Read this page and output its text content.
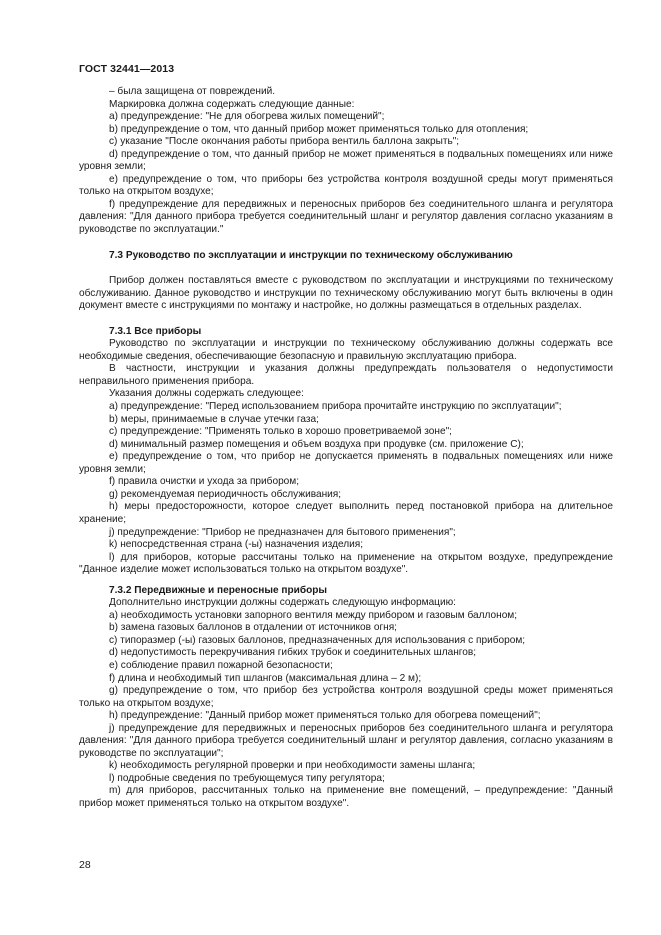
ГОСТ 32441—2013

– была защищена от повреждений.

Маркировка должна содержать следующие данные:

а) предупреждение: "Не для обогрева жилых помещений";

b) предупреждение о том, что данный прибор может применяться только для отопления;

с) указание "После окончания работы прибора вентиль баллона закрыть";

d) предупреждение о том, что данный прибор не может применяться в подвальных помещениях или ниже уровня земли;

е) предупреждение о том, что приборы без устройства контроля воздушной среды могут применяться только на открытом воздухе;

f) предупреждение для передвижных и переносных приборов без соединительного шланга и регулятора давления: "Для данного прибора требуется соединительный шланг и регулятор давления согласно указаниям в руководстве по эксплуатации."

7.3 Руководство по эксплуатации и инструкции по техническому обслуживанию

Прибор должен поставляться вместе с руководством по эксплуатации и инструкциями по техническому обслуживанию. Данное руководство и инструкции по техническому обслуживанию могут быть включены в один документ вместе с инструкциями по монтажу и настройке, но должны размещаться в отдельных разделах.

7.3.1 Все приборы

Руководство по эксплуатации и инструкции по техническому обслуживанию должны содержать все необходимые сведения, обеспечивающие безопасную и правильную эксплуатацию прибора.

В частности, инструкции и указания должны предупреждать пользователя о недопустимости неправильного применения прибора.

Указания должны содержать следующее:

а) предупреждение: "Перед использованием прибора прочитайте инструкцию по эксплуатации";

b) меры, принимаемые в случае утечки газа;

с) предупреждение: "Применять только в хорошо проветриваемой зоне";

d) минимальный размер помещения и объем воздуха при продувке (см. приложение С);

е) предупреждение о том, что прибор не допускается применять в подвальных помещениях или ниже уровня земли;

f) правила очистки и ухода за прибором;

g) рекомендуемая периодичность обслуживания;

h) меры предосторожности, которое следует выполнить перед постановкой прибора на длительное хранение;

j) предупреждение: "Прибор не предназначен для бытового применения";

k) непосредственная страна (-ы) назначения изделия;

l) для приборов, которые рассчитаны только на применение на открытом воздухе, предупреждение "Данное изделие может использоваться только на открытом воздухе".

7.3.2 Передвижные и переносные приборы

Дополнительно инструкции должны содержать следующую информацию:

а) необходимость установки запорного вентиля между прибором и газовым баллоном;

b) замена газовых баллонов в отдалении от источников огня;

с) типоразмер (-ы) газовых баллонов, предназначенных для использования с прибором;

d) недопустимость перекручивания гибких трубок и соединительных шлангов;

е) соблюдение правил пожарной безопасности;

f) длина и необходимый тип шлангов (максимальная длина – 2 м);

g) предупреждение о том, что прибор без устройства контроля воздушной среды может применяться только на открытом воздухе;

h) предупреждение: "Данный прибор может применяться только для обогрева помещений";

j) предупреждение для передвижных и переносных приборов без соединительного шланга и регулятора давления: "Для данного прибора требуется соединительный шланг и регулятор давления, согласно указаниям в руководстве по эксплуатации";

k) необходимость регулярной проверки и при необходимости замены шланга;

l) подробные сведения по требующемуся типу регулятора;

m) для приборов, рассчитанных только на применение вне помещений, – предупреждение: "Данный прибор может применяться только на открытом воздухе".

28
